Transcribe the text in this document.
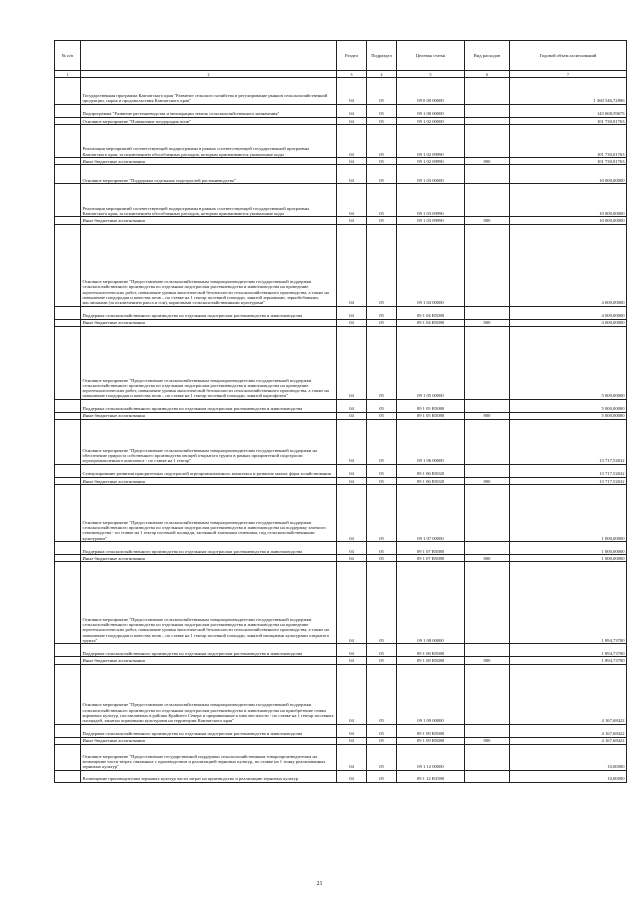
№ п/п		Раздел	Подраздел	Целевая статья	Вид расходов	Годовой объем ассигнований
1	2	3	4	5	6	7
	Государственная программа Камчатского края "Развитие сельского хозяйства и регулирование рынков сельскохозяйственной продукции, сырья и продовольствия Камчатского края"	04	05	09 0 00 00000		1 360 546,72806
	Подпрограмма "Развитие растениеводства и мелиорации земель сельскохозяйственного назначения"	04	05	09 1 00 00000		143 068,59675
	Основное мероприятие "Повышение плодородия почв"	04	05	09 1 02 00000		101 730,01763
	Реализация мероприятий соответствующей подпрограммы в рамках соответствующей государственной программы Камчатского края, за исключением обособленных расходов, которым присваиваются уникальные коды	04	05	09 1 02 09990		101 730,01763
	Иные бюджетные ассигнования	04	05	09 1 02 09990	800	101 730,01763
	Основное мероприятие "Поддержка отдельных подотраслей растениеводства"	04	05	09 1 03 00000		10 000,00000
	Реализация мероприятий соответствующей подпрограммы в рамках соответствующей государственной программы Камчатского края, за исключением обособленных расходов, которым присваиваются уникальные коды	04	05	09 1 03 09990		10 000,00000
	Иные бюджетные ассигнования	04	05	09 1 03 09990	800	10 000,00000
	Основное мероприятие "Предоставление сельскохозяйственным товаропроизводителям государственной поддержки сельскохозяйственного производства по отдельным подотраслям растениеводства и животноводства на проведение агротехнологических работ, повышение уровня экологической безопасности сельскохозяйственного производства, а также на повышение плодородия и качества почв – по ставке на 1 гектар посевной площади, занятой зерновыми, зернобобовыми, масличными (за исключением рапса и сои), кормовыми сельскохозяйственными культурами"	04	05	09 1 04 00000		4 000,00000
	Поддержка сельскохозяйственного производства по отдельным подотраслям растениеводства и животноводства	04	05	09 1 04 R5080		4 000,00000
	Иные бюджетные ассигнования	04	05	09 1 04 R5080	800	4 000,00000
	Основное мероприятие "Предоставление сельскохозяйственным товаропроизводителям государственной поддержки сельскохозяйственного производства по отдельным подотраслям растениеводства и животноводства на проведение агротехнологических работ, повышение уровня экологической безопасности сельскохозяйственного производства, а также на повышение плодородия и качества почв – по ставке на 1 гектар посевной площади, занятой картофелем"	04	05	09 1 05 00000		5 000,00000
	Поддержка сельскохозяйственного производства по отдельным подотраслям растениеводства и животноводства	04	05	09 1 05 R5080		5 000,00000
	Иные бюджетные ассигнования	04	05	09 1 05 R5080	800	5 000,00000
	Основное мероприятие "Предоставление сельскохозяйственным товаропроизводителям государственной поддержки на обеспечение прироста собственного производства овощей открытого грунта в рамках приоритетной подотрасли агропромышленного комплекса - по ставке на 1 гектар"	04	05	09 1 06 00000		13 717,52632
	Стимулирование развития приоритетных подотраслей агропромышленного комплекса и развитие малых форм хозяйствования	04	05	09 1 06 R5020		13 717,52632
	Иные бюджетные ассигнования	04	05	09 1 06 R5020	800	13 717,52632
	Основное мероприятие "Предоставление сельскохозяйственным товаропроизводителям государственной поддержки сельскохозяйственного производства по отдельным подотраслям растениеводства и животноводства на поддержку элитного семеноводства - по ставке на 1 гектар посевной площади, засеянной элитными семенами, под сельскохозяйственными культурами"	04	05	09 1 07 00000		1 000,00000
	Поддержка сельскохозяйственного производства по отдельным подотраслям растениеводства и животноводства	04	05	09 1 07 R5080		1 000,00000
	Иные бюджетные ассигнования	04	05	09 1 07 R5080	800	1 000,00000
	Основное мероприятие "Предоставление сельскохозяйственным товаропроизводителям государственной поддержки сельскохозяйственного производства по отдельным подотраслям растениеводства и животноводства на проведение агротехнологических работ, повышение уровня экологической безопасности сельскохозяйственного производства, а также на повышение плодородия и качества почв – по ставке на 1 гектар посевной площади, занятой овощными культурами открытого грунта"	04	05	09 1 08 00000		1 894,73700
	Поддержка сельскохозяйственного производства по отдельным подотраслям растениеводства и животноводства	04	05	09 1 08 R5080		1 894,73700
	Иные бюджетные ассигнования	04	05	09 1 08 R5080	800	1 894,73700
	Основное мероприятие "Предоставление сельскохозяйственным товаропроизводителям государственной поддержки сельскохозяйственного производства по отдельным подотраслям растениеводства и животноводства на приобретение семян кормовых культур, поставляемых в районы Крайнего Севера и приравненные к ним местности - по ставке на 1 гектар посевных площадей, занятых кормовыми культурами на территории Камчатского края"	04	05	09 1 09 00000		4 167,68422
	Поддержка сельскохозяйственного производства по отдельным подотраслям растениеводства и животноводства	04	05	09 1 09 R5080		4 167,68422
	Иные бюджетные ассигнования	04	05	09 1 09 R5080	800	4 167,68422
	Основное мероприятие "Предоставление государственной поддержки сельскохозяйственным товаропроизводителям на возмещение части затрат, связанных с производством и реализацией зерновых культур, по ставке на 1 тонну реализованных зерновых культур"	04	05	09 1 12 00000		10,00000
	Возмещение производителям зерновых культур части затрат на производство и реализацию зерновых культур	04	05	09 1 12 R3580		10,00000
21
